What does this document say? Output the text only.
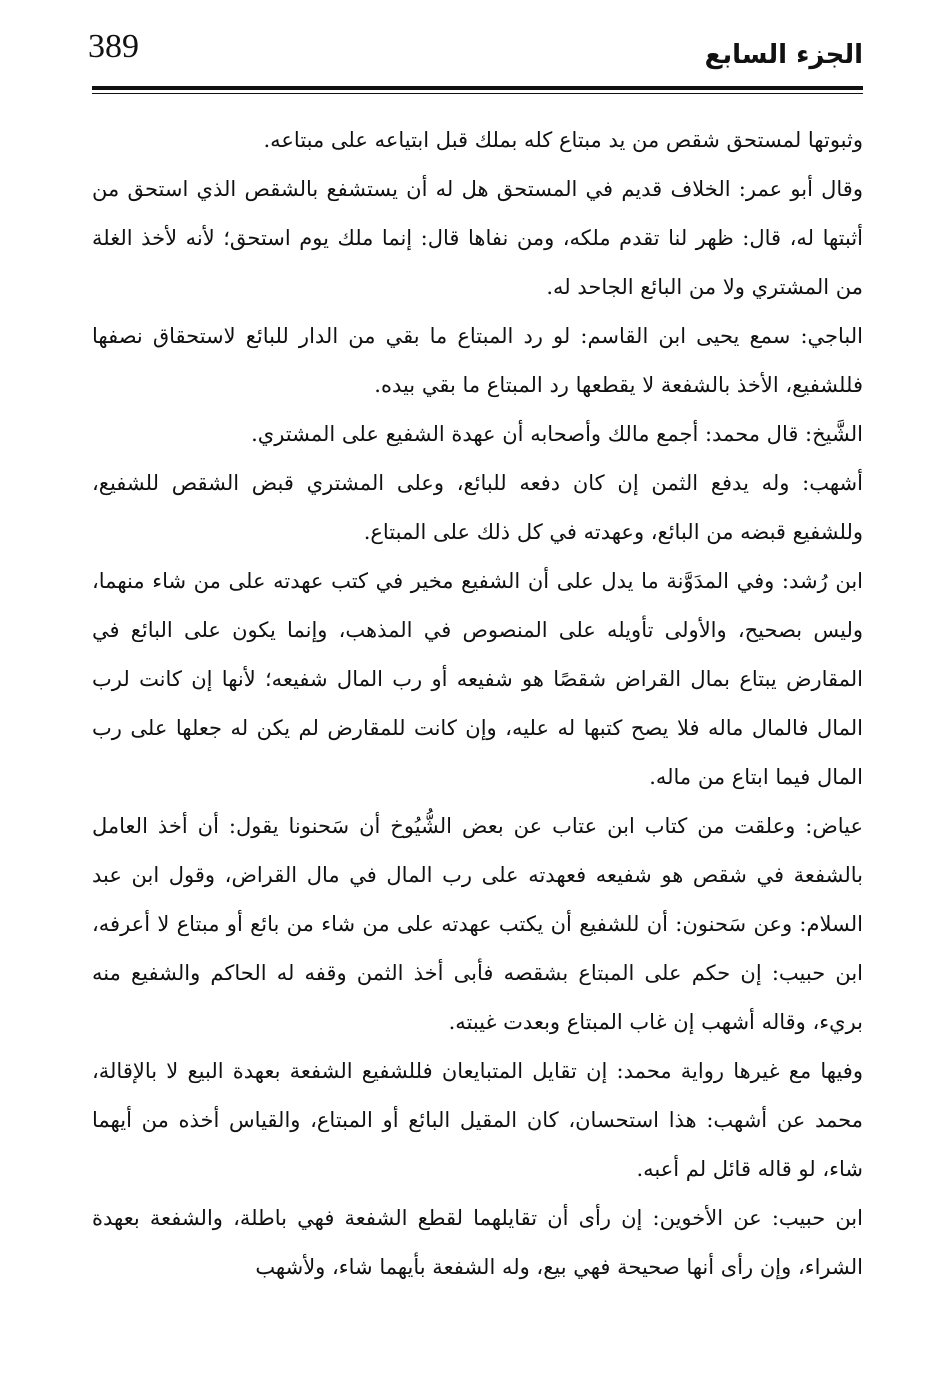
389	الجزء السابع

وثبوتها لمستحق شقص من يد مبتاع كله بملك قبل ابتياعه على مبتاعه.

وقال أبو عمر: الخلاف قديم في المستحق هل له أن يستشفع بالشقص الذي استحق من أثبتها له، قال: ظهر لنا تقدم ملكه، ومن نفاها قال: إنما ملك يوم استحق؛ لأنه لأخذ الغلة من المشتري ولا من البائع الجاحد له.

الباجي: سمع يحيى ابن القاسم: لو رد المبتاع ما بقي من الدار للبائع لاستحقاق نصفها فللشفيع، الأخذ بالشفعة لا يقطعها رد المبتاع ما بقي بيده.

الشَّيخ: قال محمد: أجمع مالك وأصحابه أن عهدة الشفيع على المشتري.

أشهب: وله يدفع الثمن إن كان دفعه للبائع، وعلى المشتري قبض الشقص للشفيع، وللشفيع قبضه من البائع، وعهدته في كل ذلك على المبتاع.

ابن رُشد: وفي المدَوَّنة ما يدل على أن الشفيع مخير في كتب عهدته على من شاء منهما، وليس بصحيح، والأولى تأويله على المنصوص في المذهب، وإنما يكون على البائع في المقارض يبتاع بمال القراض شقصًا هو شفيعه أو رب المال شفيعه؛ لأنها إن كانت لرب المال فالمال ماله فلا يصح كتبها له عليه، وإن كانت للمقارض لم يكن له جعلها على رب المال فيما ابتاع من ماله.

عياض: وعلقت من كتاب ابن عتاب عن بعض الشُّيُوخ أن سَحنونا يقول: أن أخذ العامل بالشفعة في شقص هو شفيعه فعهدته على رب المال في مال القراض، وقول ابن عبد السلام: وعن سَحنون: أن للشفيع أن يكتب عهدته على من شاء من بائع أو مبتاع لا أعرفه، ابن حبيب: إن حكم على المبتاع بشقصه فأبى أخذ الثمن وقفه له الحاكم والشفيع منه بريء، وقاله أشهب إن غاب المبتاع وبعدت غيبته.

وفيها مع غيرها رواية محمد: إن تقايل المتبايعان فللشفيع الشفعة بعهدة البيع لا بالإقالة، محمد عن أشهب: هذا استحسان، كان المقيل البائع أو المبتاع، والقياس أخذه من أيهما شاء، لو قاله قائل لم أعبه.

ابن حبيب: عن الأخوين: إن رأى أن تقايلهما لقطع الشفعة فهي باطلة، والشفعة بعهدة الشراء، وإن رأى أنها صحيحة فهي بيع، وله الشفعة بأيهما شاء، ولأشهب
